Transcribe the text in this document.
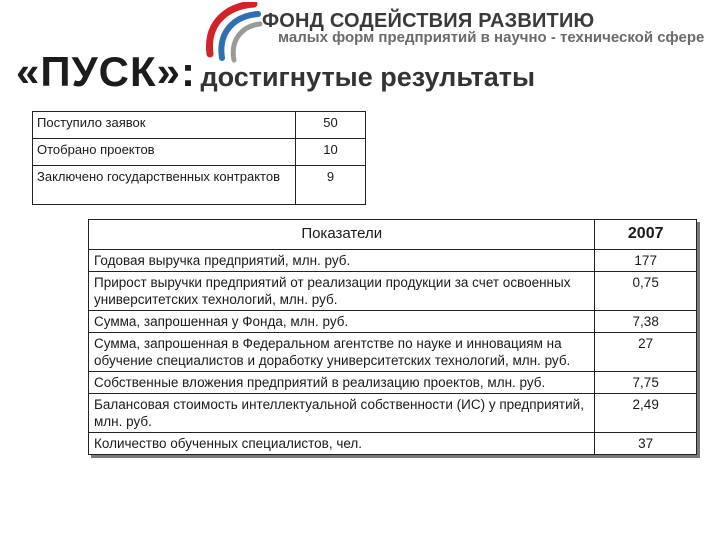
ФОНД СОДЕЙСТВИЯ РАЗВИТИЮ
малых форм предприятий в научно - технической сфере
«ПУСК»: достигнутые результаты
Поступило заявок	50
Отобрано проектов	10
Заключено государственных контрактов	9
Показатели	2007
Годовая выручка предприятий, млн. руб.	177
Прирост выручки предприятий от реализации продукции за счет освоенных университетских технологий, млн. руб.	0,75
Сумма, запрошенная у Фонда, млн. руб.	7,38
Сумма, запрошенная в Федеральном агентстве по науке и инновациям на обучение специалистов и доработку университетских технологий, млн. руб.	27
Собственные вложения предприятий в реализацию проектов, млн. руб.	7,75
Балансовая стоимость интеллектуальной собственности (ИС) у предприятий, млн. руб.	2,49
Количество обученных специалистов, чел.	37
